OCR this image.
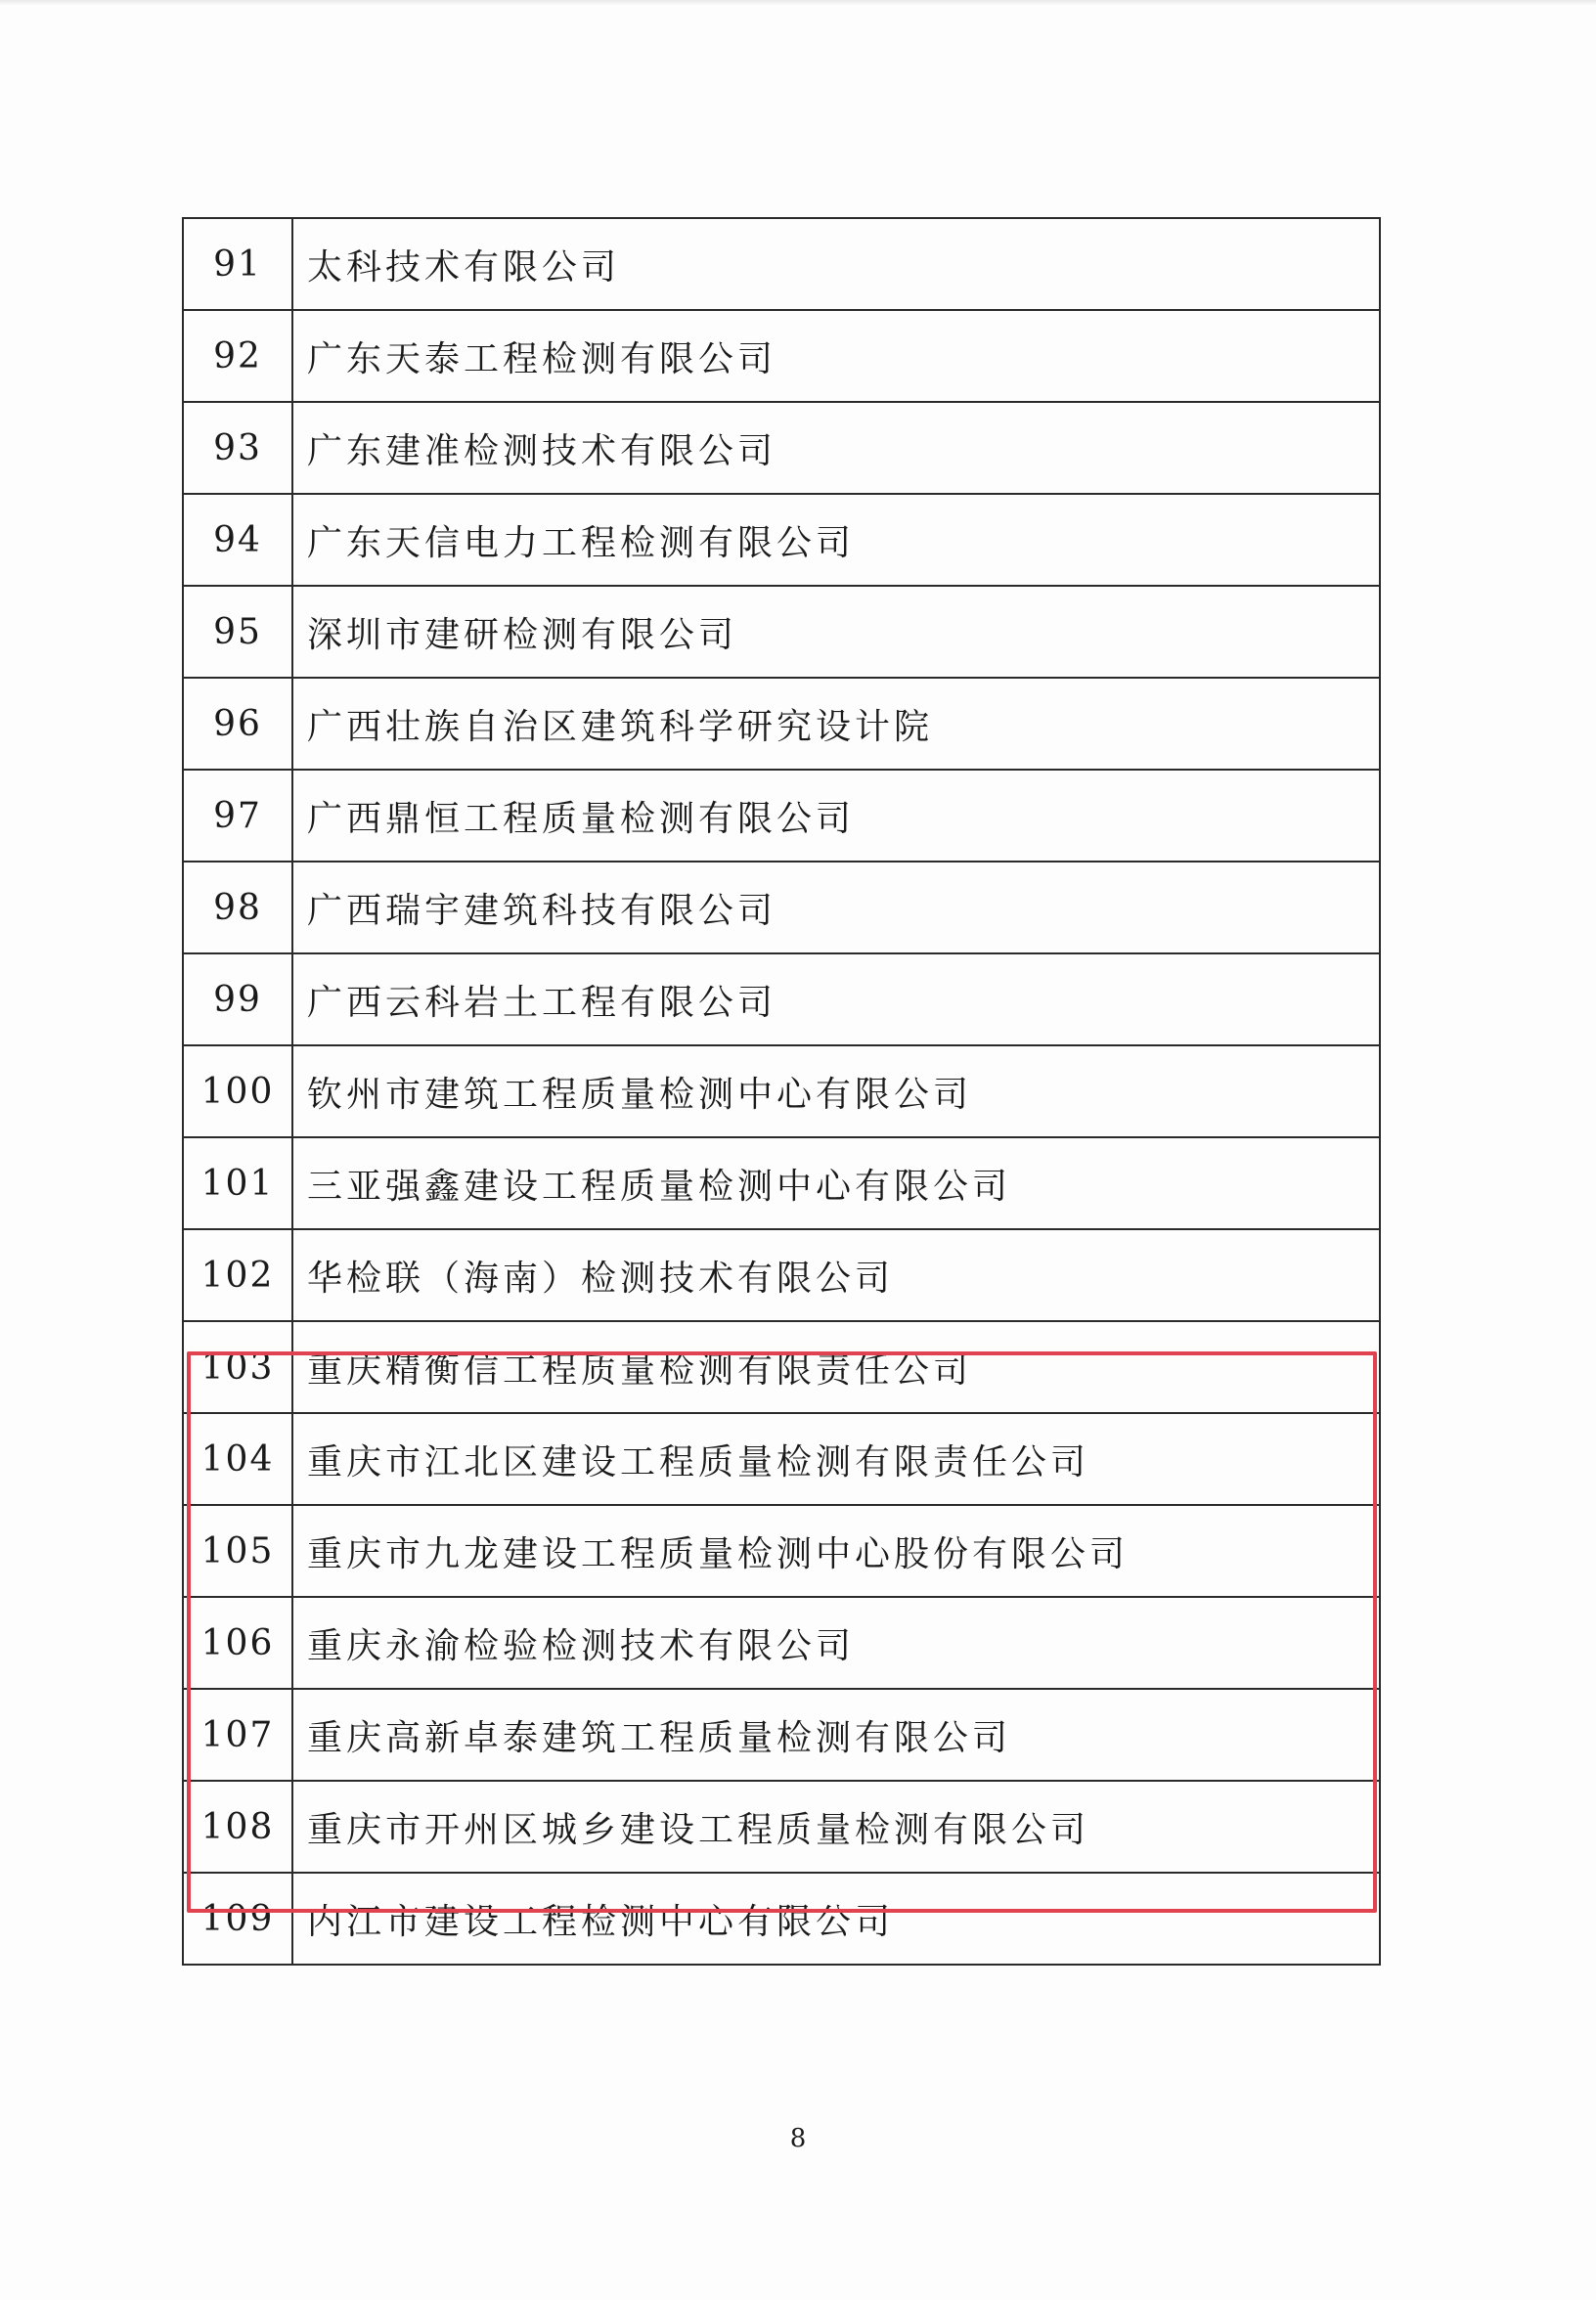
91	太科技术有限公司
92	广东天泰工程检测有限公司
93	广东建准检测技术有限公司
94	广东天信电力工程检测有限公司
95	深圳市建研检测有限公司
96	广西壮族自治区建筑科学研究设计院
97	广西鼎恒工程质量检测有限公司
98	广西瑞宇建筑科技有限公司
99	广西云科岩土工程有限公司
100	钦州市建筑工程质量检测中心有限公司
101	三亚强鑫建设工程质量检测中心有限公司
102	华检联（海南）检测技术有限公司
103	重庆精衡信工程质量检测有限责任公司
104	重庆市江北区建设工程质量检测有限责任公司
105	重庆市九龙建设工程质量检测中心股份有限公司
106	重庆永渝检验检测技术有限公司
107	重庆高新卓泰建筑工程质量检测有限公司
108	重庆市开州区城乡建设工程质量检测有限公司
109	内江市建设工程检测中心有限公司
8
